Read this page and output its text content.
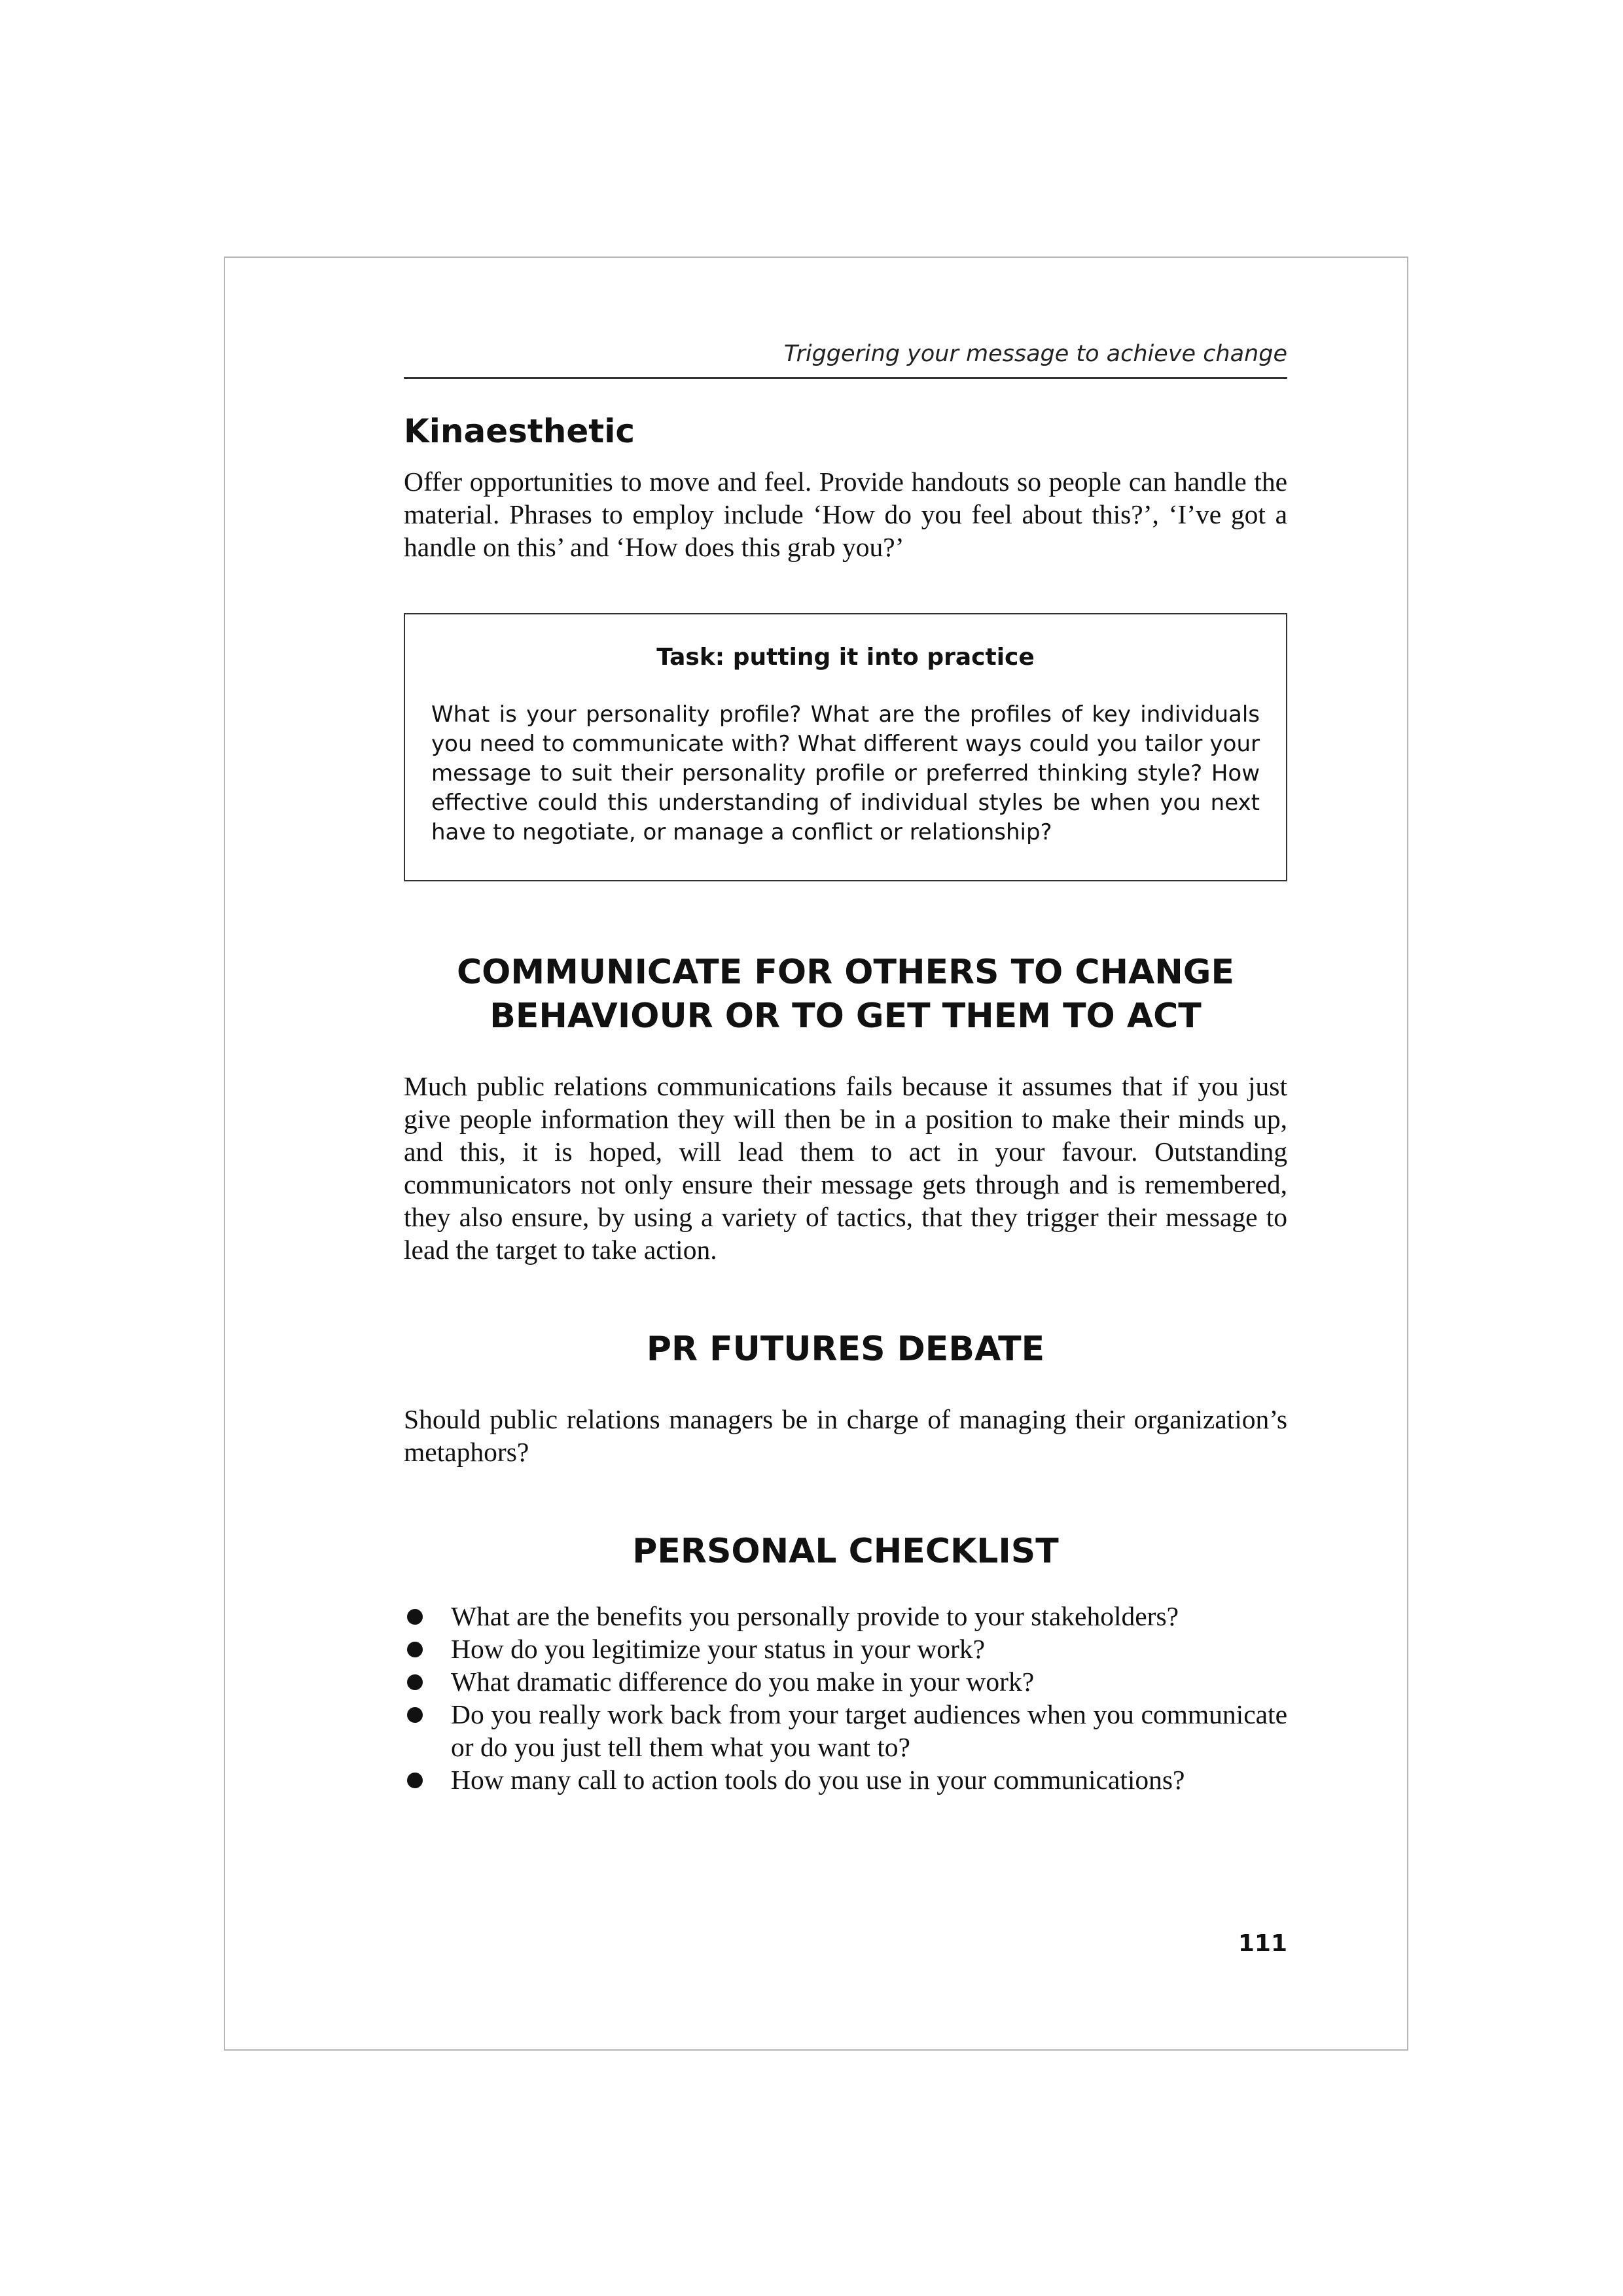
Triggering your message to achieve change

Kinaesthetic

Offer opportunities to move and feel. Provide handouts so people can handle the material. Phrases to employ include ‘How do you feel about this?’, ‘I’ve got a handle on this’ and ‘How does this grab you?’

Task: putting it into practice

What is your personality profile? What are the profiles of key individuals you need to communicate with? What different ways could you tailor your message to suit their personality profile or preferred thinking style? How effective could this understanding of individual styles be when you next have to negotiate, or manage a conflict or relationship?

COMMUNICATE FOR OTHERS TO CHANGE
BEHAVIOUR OR TO GET THEM TO ACT

Much public relations communications fails because it assumes that if you just give people information they will then be in a position to make their minds up, and this, it is hoped, will lead them to act in your favour. Outstanding communicators not only ensure their message gets through and is remembered, they also ensure, by using a variety of tactics, that they trigger their message to lead the target to take action.

PR FUTURES DEBATE

Should public relations managers be in charge of managing their organization’s metaphors?

PERSONAL CHECKLIST
What are the benefits you personally provide to your stakeholders?
How do you legitimize your status in your work?
What dramatic difference do you make in your work?
Do you really work back from your target audiences when you communicate or do you just tell them what you want to?
How many call to action tools do you use in your communications?
111
